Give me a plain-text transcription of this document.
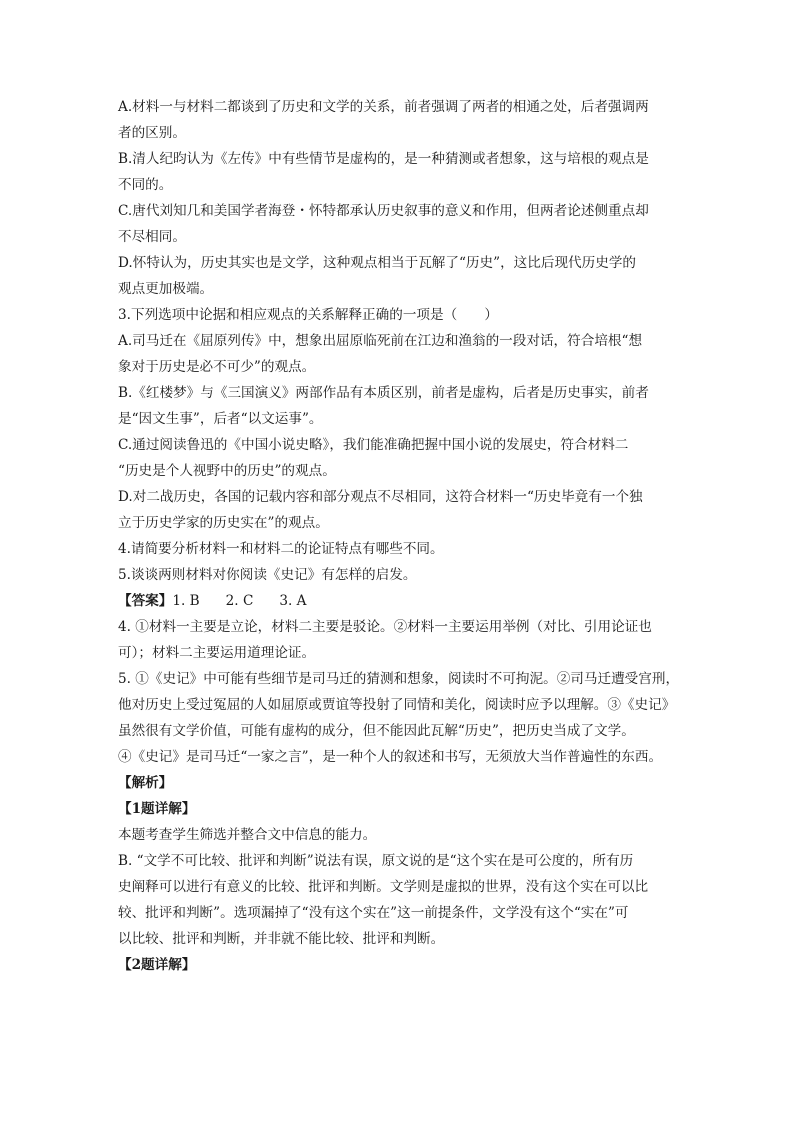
A.材料一与材料二都谈到了历史和文学的关系，前者强调了两者的相通之处，后者强调两
者的区别。
B.清人纪昀认为《左传》中有些情节是虚构的，是一种猜测或者想象，这与培根的观点是
不同的。
C.唐代刘知几和美国学者海登・怀特都承认历史叙事的意义和作用，但两者论述侧重点却
不尽相同。
D.怀特认为，历史其实也是文学，这种观点相当于瓦解了“历史”，这比后现代历史学的
观点更加极端。
3.下列选项中论据和相应观点的关系解释正确的一项是（　　）
A.司马迁在《屈原列传》中，想象出屈原临死前在江边和渔翁的一段对话，符合培根“想
象对于历史是必不可少”的观点。
B.《红楼梦》与《三国演义》两部作品有本质区别，前者是虚构，后者是历史事实，前者
是“因文生事”，后者“以文运事”。
C.通过阅读鲁迅的《中国小说史略》，我们能准确把握中国小说的发展史，符合材料二
“历史是个人视野中的历史”的观点。
D.对二战历史，各国的记载内容和部分观点不尽相同，这符合材料一“历史毕竟有一个独
立于历史学家的历史实在”的观点。
4.请简要分析材料一和材料二的论证特点有哪些不同。
5.谈谈两则材料对你阅读《史记》有怎样的启发。
【答案】1. B 2. C 3. A
4. ①材料一主要是立论，材料二主要是驳论。②材料一主要运用举例（对比、引用论证也
可）；材料二主要运用道理论证。
5. ①《史记》中可能有些细节是司马迁的猜测和想象，阅读时不可拘泥。②司马迁遭受宫刑，
他对历史上受过冤屈的人如屈原或贾谊等投射了同情和美化，阅读时应予以理解。③《史记》
虽然很有文学价值，可能有虚构的成分，但不能因此瓦解“历史”，把历史当成了文学。
④《史记》是司马迁“一家之言”，是一种个人的叙述和书写，无须放大当作普遍性的东西。
【解析】
【1题详解】
本题考查学生筛选并整合文中信息的能力。
B. “文学不可比较、批评和判断”说法有误，原文说的是“这个实在是可公度的，所有历
史阐释可以进行有意义的比较、批评和判断。文学则是虚拟的世界，没有这个实在可以比
较、批评和判断”。选项漏掉了“没有这个实在”这一前提条件，文学没有这个“实在”可
以比较、批评和判断，并非就不能比较、批评和判断。
【2题详解】
